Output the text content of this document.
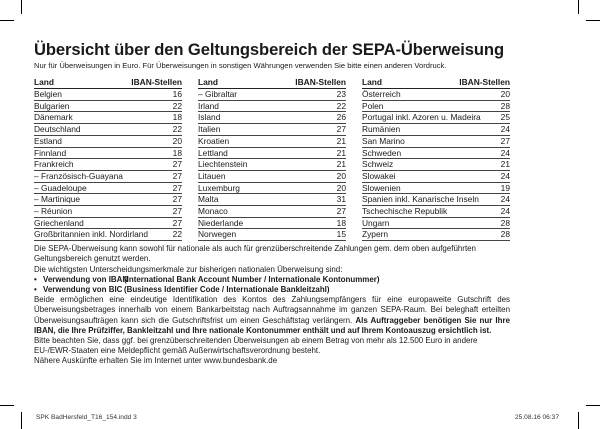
Übersicht über den Geltungsbereich der SEPA-Überweisung
Nur für Überweisungen in Euro. Für Überweisungen in sonstigen Währungen verwenden Sie bitte einen anderen Vordruck.
Land	IBAN-Stellen
Belgien	16
Bulgarien	22
Dänemark	18
Deutschland	22
Estland	20
Finnland	18
Frankreich	27
– Französisch-Guayana	27
– Guadeloupe	27
– Martinique	27
– Réunion	27
Griechenland	27
Großbritannien inkl. Nordirland	22
Land	IBAN-Stellen
– Gibraltar	23
Irland	22
Island	26
Italien	27
Kroatien	21
Lettland	21
Liechtenstein	21
Litauen	20
Luxemburg	20
Malta	31
Monaco	27
Niederlande	18
Norwegen	15
Land	IBAN-Stellen
Österreich	20
Polen	28
Portugal inkl. Azoren u. Madeira	25
Rumänien	24
San Marino	27
Schweden	24
Schweiz	21
Slowakei	24
Slowenien	19
Spanien inkl. Kanarische Inseln	24
Tschechische Republik	24
Ungarn	28
Zypern	28
Die SEPA-Überweisung kann sowohl für nationale als auch für grenzüberschreitende Zahlungen gem. dem oben aufgeführten Geltungsbereich genutzt werden.
Die wichtigsten Unterscheidungsmerkmale zur bisherigen nationalen Überweisung sind:
• Verwendung von IBAN
(International Bank Account Number / Internationale Kontonummer)
• Verwendung von BIC (Business Identifier Code / Internationale Bankleitzahl)
Beide ermöglichen eine eindeutige Identifikation des Kontos des Zahlungsempfängers für eine europaweite Gutschrift des Überweisungsbetrages innerhalb von einem Bankarbeitstag nach Auftragsannahme im ganzen SEPA-Raum. Bei beleghaft erteilten Überweisungsaufträgen kann sich die Gutschriftsfrist um einen Geschäftstag verlängern. Als Auftraggeber benötigen Sie nur Ihre IBAN, die Ihre Prüfziffer, Bankleitzahl und Ihre nationale Kontonummer enthält und auf Ihrem Kontoauszug ersichtlich ist.
Bitte beachten Sie, dass ggf. bei grenzüberschreitenden Überweisungen ab einem Betrag von mehr als 12.500 Euro in andere EU-/EWR-Staaten eine Meldepflicht gemäß Außenwirtschaftsverordnung besteht.
Nähere Auskünfte erhalten Sie im Internet unter www.bundesbank.de
SPK BadHersfeld_T16_154.indd 3	25.08.16 06:37
